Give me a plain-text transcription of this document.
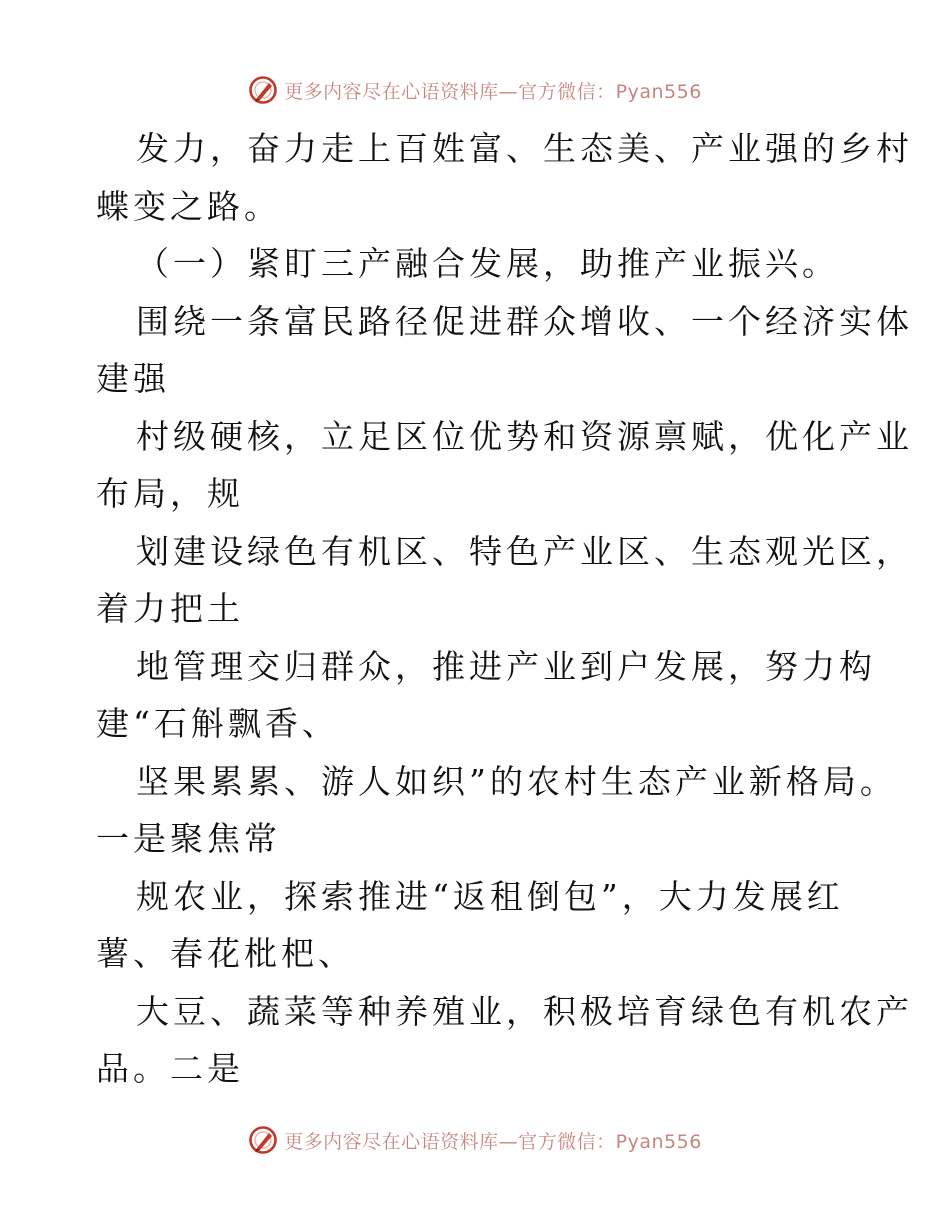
更多内容尽在心语资料库—官方微信：Pyan556
发力，奋力走上百姓富、生态美、产业强的乡村
蝶变之路。
（一）紧盯三产融合发展，助推产业振兴。
围绕一条富民路径促进群众增收、一个经济实体
建强
村级硬核，立足区位优势和资源禀赋，优化产业
布局，规
划建设绿色有机区、特色产业区、生态观光区，
着力把土
地管理交归群众，推进产业到户发展，努力构
建“石斛飘香、
坚果累累、游人如织”的农村生态产业新格局。
一是聚焦常
规农业，探索推进“返租倒包”，大力发展红
薯、春花枇杷、
大豆、蔬菜等种养殖业，积极培育绿色有机农产
品。二是
更多内容尽在心语资料库—官方微信：Pyan556
